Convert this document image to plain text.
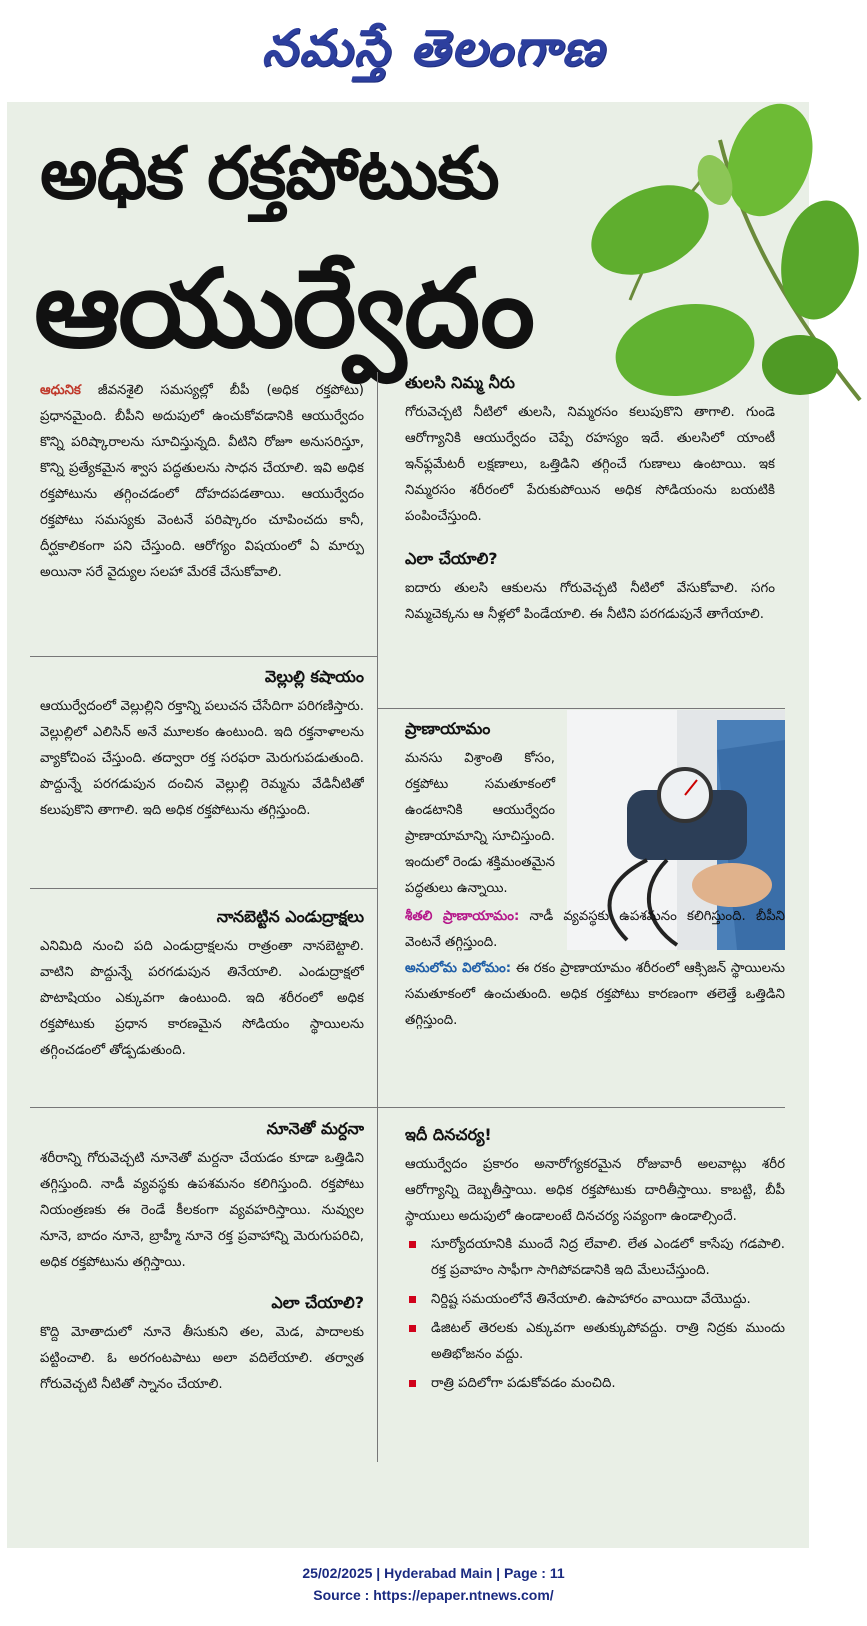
నమస్తే తెలంగాణ
అధిక రక్తపోటుకు
ఆయుర్వేదం

ఆధునిక జీవనశైలి సమస్యల్లో బీపీ (అధిక రక్తపోటు) ప్రధానమైంది. బీపీని అదుపులో ఉంచుకోవడానికి ఆయుర్వేదం కొన్ని పరిష్కారాలను సూచిస్తున్నది. వీటిని రోజూ అనుసరిస్తూ, కొన్ని ప్రత్యేకమైన శ్వాస పద్ధతులను సాధన చేయాలి. ఇవి అధిక రక్తపోటును తగ్గించడంలో దోహదపడతాయి. ఆయుర్వేదం రక్తపోటు సమస్యకు వెంటనే పరిష్కారం చూపించదు కానీ, దీర్ఘకాలికంగా పని చేస్తుంది. ఆరోగ్యం విషయంలో ఏ మార్పు అయినా సరే వైద్యుల సలహా మేరకే చేసుకోవాలి.

వెల్లుల్లి కషాయం

ఆయుర్వేదంలో వెల్లుల్లిని రక్తాన్ని పలుచన చేసేదిగా పరిగణిస్తారు. వెల్లుల్లిలో ఎలిసిన్ అనే మూలకం ఉంటుంది. ఇది రక్తనాళాలను వ్యాకోచింప చేస్తుంది. తద్వారా రక్త సరఫరా మెరుగుపడుతుంది. పొద్దున్నే పరగడుపున దంచిన వెల్లుల్లి రెమ్మను వేడినీటితో కలుపుకొని తాగాలి. ఇది అధిక రక్తపోటును తగ్గిస్తుంది.

నానబెట్టిన ఎండుద్రాక్షలు

ఎనిమిది నుంచి పది ఎండుద్రాక్షలను రాత్రంతా నానబెట్టాలి. వాటిని పొద్దున్నే పరగడుపున తినేయాలి. ఎండుద్రాక్షలో పొటాషియం ఎక్కువగా ఉంటుంది. ఇది శరీరంలో అధిక రక్తపోటుకు ప్రధాన కారణమైన సోడియం స్థాయిలను తగ్గించడంలో తోడ్పడుతుంది.

నూనెతో మర్దనా

శరీరాన్ని గోరువెచ్చటి నూనెతో మర్దనా చేయడం కూడా ఒత్తిడిని తగ్గిస్తుంది. నాడీ వ్యవస్థకు ఉపశమనం కలిగిస్తుంది. రక్తపోటు నియంత్రణకు ఈ రెండే కీలకంగా వ్యవహరిస్తాయి. నువ్వుల నూనె, బాదం నూనె, బ్రాహ్మీ నూనె రక్త ప్రవాహాన్ని మెరుగుపరిచి, అధిక రక్తపోటును తగ్గిస్తాయి.

ఎలా చేయాలి?

కొద్ది మోతాదులో నూనె తీసుకుని తల, మెడ, పాదాలకు పట్టించాలి. ఓ అరగంటపాటు అలా వదిలేయాలి. తర్వాత గోరువెచ్చటి నీటితో స్నానం చేయాలి.

తులసి నిమ్మ నీరు

గోరువెచ్చటి నీటిలో తులసి, నిమ్మరసం కలుపుకొని తాగాలి. గుండె ఆరోగ్యానికి ఆయుర్వేదం చెప్పే రహస్యం ఇదే. తులసిలో యాంటీ ఇన్‌ఫ్లమేటరీ లక్షణాలు, ఒత్తిడిని తగ్గించే గుణాలు ఉంటాయి. ఇక నిమ్మరసం శరీరంలో పేరుకుపోయిన అధిక సోడియంను బయటికి పంపించేస్తుంది.

ఎలా చేయాలి?

ఐదారు తులసి ఆకులను గోరువెచ్చటి నీటిలో వేసుకోవాలి. సగం నిమ్మచెక్కను ఆ నీళ్లలో పిండేయాలి. ఈ నీటిని పరగడుపునే తాగేయాలి.

ప్రాణాయామం

మనసు విశ్రాంతి కోసం, రక్తపోటు సమతూకంలో ఉండటానికి ఆయుర్వేదం ప్రాణాయామాన్ని సూచిస్తుంది. ఇందులో రెండు శక్తిమంతమైన పద్ధతులు ఉన్నాయి.

శీతలి ప్రాణాయామం: నాడీ వ్యవస్థకు ఉపశమనం కలిగిస్తుంది. బీపీని వెంటనే తగ్గిస్తుంది.

అనులోమ విలోమం: ఈ రకం ప్రాణాయామం శరీరంలో ఆక్సిజన్ స్థాయిలను సమతూకంలో ఉంచుతుంది. అధిక రక్తపోటు కారణంగా తలెత్తే ఒత్తిడిని తగ్గిస్తుంది.

ఇదీ దినచర్య!

ఆయుర్వేదం ప్రకారం అనారోగ్యకరమైన రోజువారీ అలవాట్లు శరీర ఆరోగ్యాన్ని దెబ్బతీస్తాయి. అధిక రక్తపోటుకు దారితీస్తాయి. కాబట్టి, బీపీ స్థాయులు అదుపులో ఉండాలంటే దినచర్య సవ్యంగా ఉండాల్సిందే.

సూర్యోదయానికి ముందే నిద్ర లేవాలి. లేత ఎండలో కాసేపు గడపాలి. రక్త ప్రవాహం సాఫీగా సాగిపోవడానికి ఇది మేలుచేస్తుంది.
నిర్దిష్ట సమయంలోనే తినేయాలి. ఉపాహారం వాయిదా వేయొద్దు.
డిజిటల్ తెరలకు ఎక్కువగా అతుక్కుపోవద్దు. రాత్రి నిద్రకు ముందు అతిభోజనం వద్దు.
రాత్రి పదిలోగా పడుకోవడం మంచిది.
25/02/2025 | Hyderabad Main | Page : 11
Source : https://epaper.ntnews.com/
